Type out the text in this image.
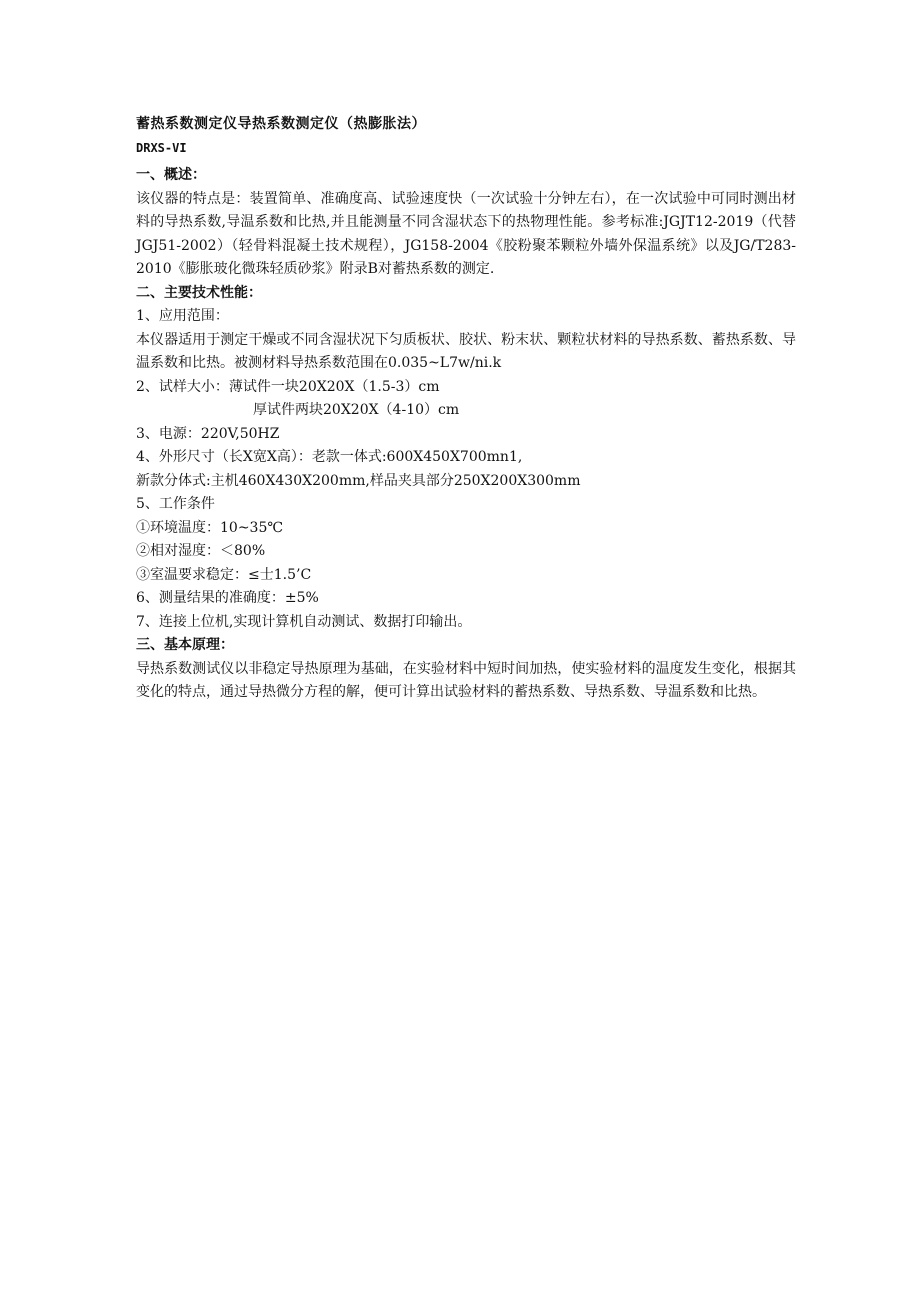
蓄热系数测定仪导热系数测定仪（热膨胀法）

DRXS-VI

一、概述：

该仪器的特点是：装置简单、准确度高、试验速度快（一次试验十分钟左右），在一次试验中可同时测出材料的导热系数,导温系数和比热,并且能测量不同含湿状态下的热物理性能。参考标准:JGJT12-2019（代替JGJ51-2002）（轻骨料混凝土技术规程），JG158-2004《胶粉聚苯颗粒外墙外保温系统》以及JG/T283-2010《膨胀玻化微珠轻质砂浆》附录B对蓄热系数的测定.

二、主要技术性能：

1、应用范围：

本仪器适用于测定干燥或不同含湿状况下匀质板状、胶状、粉末状、颗粒状材料的导热系数、蓄热系数、导温系数和比热。被测材料导热系数范围在0.035~L7w/ni.k

2、试样大小：薄试件一块20X20X（1.5-3）cm

厚试件两块20X20X（4-10）cm

3、电源：220V,50HZ

4、外形尺寸（长X宽X高）：老款一体式:600X450X700mn1,

新款分体式:主机460X430X200mm,样品夹具部分250X200X300mm

5、工作条件

①环境温度：10~35℃

②相对湿度：＜80%

③室温要求稳定：≤士1.5’C

6、测量结果的准确度：±5%

7、连接上位机,实现计算机自动测试、数据打印输出。

三、基本原理：

导热系数测试仪以非稳定导热原理为基础，在实验材料中短时间加热，使实验材料的温度发生变化，根据其变化的特点，通过导热微分方程的解，便可计算出试验材料的蓄热系数、导热系数、导温系数和比热。
